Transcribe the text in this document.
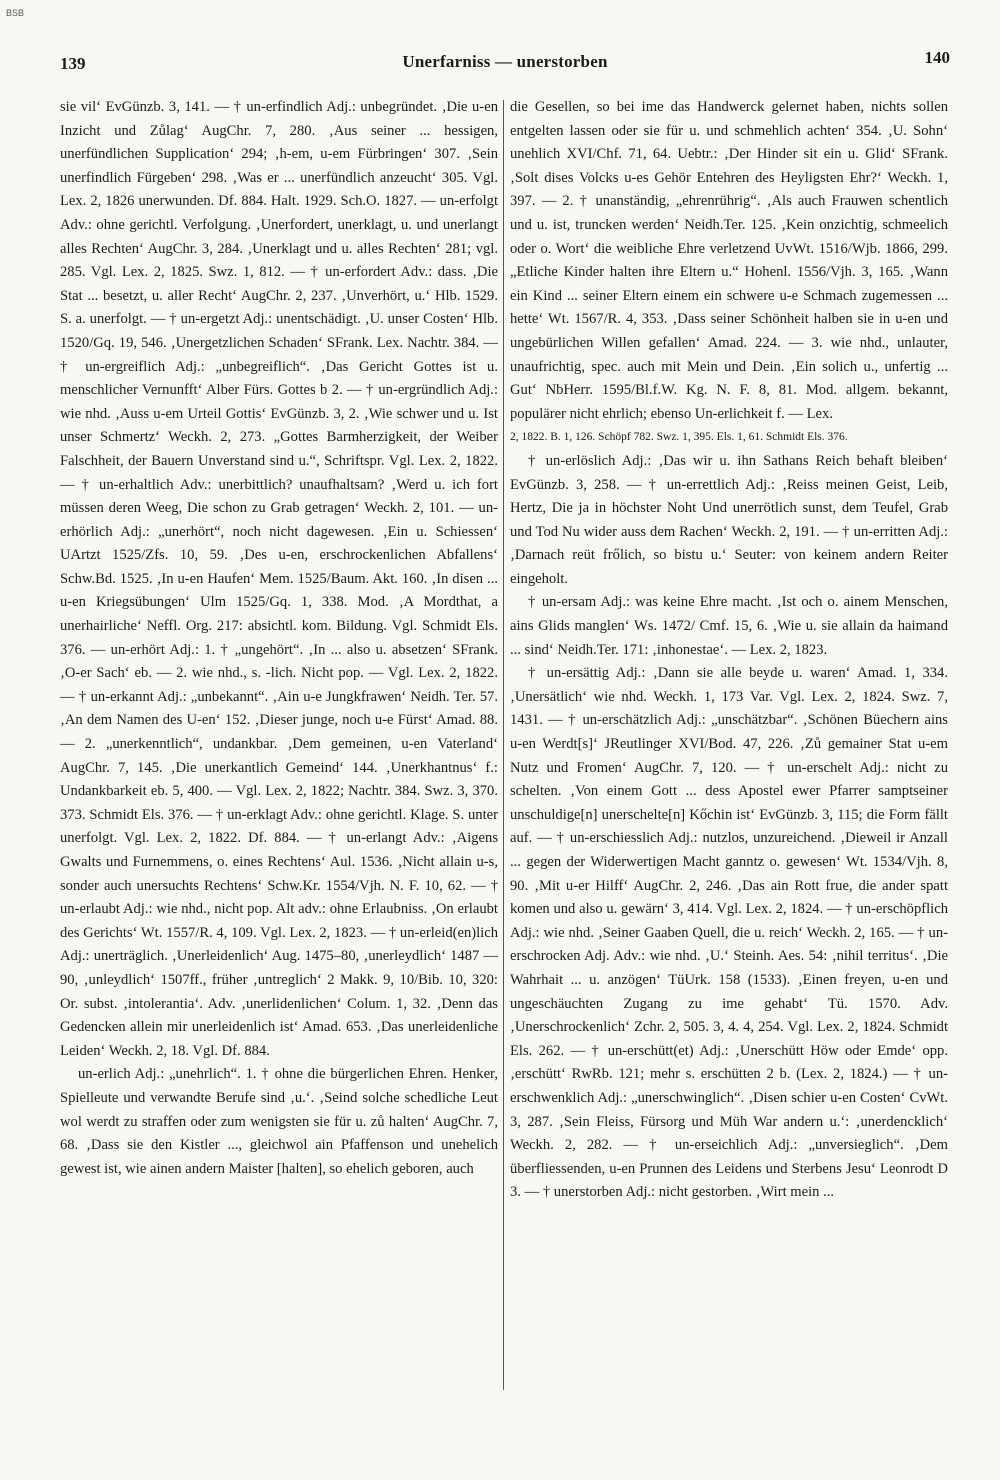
BSB
139	Unerfarniss — unerstorben	140

sie vil‘ EvGünzb. 3, 141. — † un-erfindlich Adj.: unbegründet. ‚Die u-en Inzicht und Zůlag‘ AugChr. 7, 280. ‚Aus seiner ... hessigen, unerfündlichen Supplication‘ 294; ‚h-em, u-em Fürbringen‘ 307. ‚Sein unerfindlich Fürgeben‘ 298. ‚Was er ... unerfündlich anzeucht‘ 305. Vgl. Lex. 2, 1826 unerwunden. Df. 884. Halt. 1929. Sch.O. 1827. — un-erfolgt Adv.: ohne gerichtl. Verfolgung. ‚Unerfordert, unerklagt, u. und unerlangt alles Rechten‘ AugChr. 3, 284. ‚Unerklagt und u. alles Rechten‘ 281; vgl. 285. Vgl. Lex. 2, 1825. Swz. 1, 812. — † un-erfordert Adv.: dass. ‚Die Stat ... besetzt, u. aller Recht‘ AugChr. 2, 237. ‚Unverhört, u.‘ Hlb. 1529. S. a. unerfolgt. — † un-ergetzt Adj.: unentschädigt. ‚U. unser Costen‘ Hlb. 1520/Gq. 19, 546. ‚Unergetzlichen Schaden‘ SFrank. Lex. Nachtr. 384. — † un-ergreiflich Adj.: „unbegreiflich“. ‚Das Gericht Gottes ist u. menschlicher Vernunfft‘ Alber Fürs. Gottes b 2. — † un-ergründlich Adj.: wie nhd. ‚Auss u-em Urteil Gottis‘ EvGünzb. 3, 2. ‚Wie schwer und u. Ist unser Schmertz‘ Weckh. 2, 273. „Gottes Barmherzigkeit, der Weiber Falschheit, der Bauern Unverstand sind u.“, Schriftspr. Vgl. Lex. 2, 1822. — † un-erhaltlich Adv.: unerbittlich? unaufhaltsam? ‚Werd u. ich fort müssen deren Weeg, Die schon zu Grab getragen‘ Weckh. 2, 101. — un-erhörlich Adj.: „unerhört“, noch nicht dagewesen. ‚Ein u. Schiessen‘ UArtzt 1525/Zfs. 10, 59. ‚Des u-en, erschrockenlichen Abfallens‘ Schw.Bd. 1525. ‚In u-en Haufen‘ Mem. 1525/Baum. Akt. 160. ‚In disen ... u-en Kriegsübungen‘ Ulm 1525/Gq. 1, 338. Mod. ‚A Mordthat, a unerhairliche‘ Neffl. Org. 217: absichtl. kom. Bildung. Vgl. Schmidt Els. 376. — un-erhört Adj.: 1. † „ungehört“. ‚In ... also u. absetzen‘ SFrank. ‚O-er Sach‘ eb. — 2. wie nhd., s. -lich. Nicht pop. — Vgl. Lex. 2, 1822. — † un-erkannt Adj.: „unbekannt“. ‚Ain u-e Jungkfrawen‘ Neidh. Ter. 57. ‚An dem Namen des U-en‘ 152. ‚Dieser junge, noch u-e Fürst‘ Amad. 88. — 2. „unerkenntlich“, undankbar. ‚Dem gemeinen, u-en Vaterland‘ AugChr. 7, 145. ‚Die unerkantlich Gemeind‘ 144. ‚Unerkhantnus‘ f.: Undankbarkeit eb. 5, 400. — Vgl. Lex. 2, 1822; Nachtr. 384. Swz. 3, 370. 373. Schmidt Els. 376. — † un-erklagt Adv.: ohne gerichtl. Klage. S. unter unerfolgt. Vgl. Lex. 2, 1822. Df. 884. — † un-erlangt Adv.: ‚Aigens Gwalts und Furnemmens, o. eines Rechtens‘ Aul. 1536. ‚Nicht allain u-s, sonder auch unersuchts Rechtens‘ Schw.Kr. 1554/Vjh. N. F. 10, 62. — † un-erlaubt Adj.: wie nhd., nicht pop. Alt adv.: ohne Erlaubniss. ‚On erlaubt des Gerichts‘ Wt. 1557/R. 4, 109. Vgl. Lex. 2, 1823. — † un-erleid(en)lich Adj.: unerträglich. ‚Unerleidenlich‘ Aug. 1475–80, ‚unerleydlich‘ 1487 —90, ‚unleydlich‘ 1507ff., früher ‚untreglich‘ 2 Makk. 9, 10/Bib. 10, 320: Or. subst. ‚intolerantia‘. Adv. ‚unerlidenlichen‘ Colum. 1, 32. ‚Denn das Gedencken allein mir unerleidenlich ist‘ Amad. 653. ‚Das unerleidenliche Leiden‘ Weckh. 2, 18. Vgl. Df. 884.

un-erlich Adj.: „unehrlich“. 1. † ohne die bürgerlichen Ehren. Henker, Spielleute und verwandte Berufe sind ‚u.‘. ‚Seind solche schedliche Leut wol werdt zu straffen oder zum wenigsten sie für u. zů halten‘ AugChr. 7, 68. ‚Dass sie den Kistler ..., gleichwol ain Pfaffenson und unehelich gewest ist, wie ainen andern Maister [halten], so ehelich geboren, auch

die Gesellen, so bei ime das Handwerck gelernet haben, nichts sollen entgelten lassen oder sie für u. und schmehlich achten‘ 354. ‚U. Sohn‘ unehlich XVI/Chf. 71, 64. Uebtr.: ‚Der Hinder sit ein u. Glid‘ SFrank. ‚Solt dises Volcks u-es Gehör Entehren des Heyligsten Ehr?‘ Weckh. 1, 397. — 2. † unanständig, „ehrenrührig“. ‚Als auch Frauwen schentlich und u. ist, truncken werden‘ Neidh.Ter. 125. ‚Kein onzichtig, schmeelich oder o. Wort‘ die weibliche Ehre verletzend UvWt. 1516/Wjb. 1866, 299. „Etliche Kinder halten ihre Eltern u.“ Hohenl. 1556/Vjh. 3, 165. ‚Wann ein Kind ... seiner Eltern einem ein schwere u-e Schmach zugemessen ... hette‘ Wt. 1567/R. 4, 353. ‚Dass seiner Schönheit halben sie in u-en und ungebürlichen Willen gefallen‘ Amad. 224. — 3. wie nhd., unlauter, unaufrichtig, spec. auch mit Mein und Dein. ‚Ein solich u., unfertig ... Gut‘ NbHerr. 1595/Bl.f.W. Kg. N. F. 8, 81. Mod. allgem. bekannt, populärer nicht ehrlich; ebenso Un-erlichkeit f. — Lex.

2, 1822. B. 1, 126. Schöpf 782. Swz. 1, 395. Els. 1, 61. Schmidt Els. 376.

† un-erlöslich Adj.: ‚Das wir u. ihn Sathans Reich behaft bleiben‘ EvGünzb. 3, 258. — † un-errettlich Adj.: ‚Reiss meinen Geist, Leib, Hertz, Die ja in höchster Noht Und unerrötlich sunst, dem Teufel, Grab und Tod Nu wider auss dem Rachen‘ Weckh. 2, 191. — † un-erritten Adj.: ‚Darnach reüt frőlich, so bistu u.‘ Seuter: von keinem andern Reiter eingeholt.

† un-ersam Adj.: was keine Ehre macht. ‚Ist och o. ainem Menschen, ains Glids manglen‘ Ws. 1472/ Cmf. 15, 6. ‚Wie u. sie allain da haimand ... sind‘ Neidh.Ter. 171: ‚inhonestae‘. — Lex. 2, 1823.

† un-ersättig Adj.: ‚Dann sie alle beyde u. waren‘ Amad. 1, 334. ‚Unersätlich‘ wie nhd. Weckh. 1, 173 Var. Vgl. Lex. 2, 1824. Swz. 7, 1431. — † un-erschätzlich Adj.: „unschätzbar“. ‚Schönen Büechern ains u-en Werdt[s]‘ JReutlinger XVI/Bod. 47, 226. ‚Zů gemainer Stat u-em Nutz und Fromen‘ AugChr. 7, 120. — † un-erschelt Adj.: nicht zu schelten. ‚Von einem Gott ... dess Apostel ewer Pfarrer samptseiner unschuldige[n] unerschelte[n] Kőchin ist‘ EvGünzb. 3, 115; die Form fällt auf. — † un-erschiesslich Adj.: nutzlos, unzureichend. ‚Dieweil ir Anzall ... gegen der Widerwertigen Macht ganntz o. gewesen‘ Wt. 1534/Vjh. 8, 90. ‚Mit u-er Hilff‘ AugChr. 2, 246. ‚Das ain Rott frue, die ander spatt komen und also u. gewärn‘ 3, 414. Vgl. Lex. 2, 1824. — † un-erschöpflich Adj.: wie nhd. ‚Seiner Gaaben Quell, die u. reich‘ Weckh. 2, 165. — † un-erschrocken Adj. Adv.: wie nhd. ‚U.‘ Steinh. Aes. 54: ‚nihil territus‘. ‚Die Wahrhait ... u. anzögen‘ TüUrk. 158 (1533). ‚Einen freyen, u-en und ungeschäuchten Zugang zu ime gehabt‘ Tü. 1570. Adv. ‚Unerschrockenlich‘ Zchr. 2, 505. 3, 4. 4, 254. Vgl. Lex. 2, 1824. Schmidt Els. 262. — † un-erschütt(et) Adj.: ‚Unerschütt Höw oder Emde‘ opp. ‚erschütt‘ RwRb. 121; mehr s. erschütten 2 b. (Lex. 2, 1824.) — † un-erschwenklich Adj.: „unerschwinglich“. ‚Disen schier u-en Costen‘ CvWt. 3, 287. ‚Sein Fleiss, Fürsorg und Müh War andern u.‘: ‚unerdencklich‘ Weckh. 2, 282. — † un-erseichlich Adj.: „unversieglich“. ‚Dem überfliessenden, u-en Prunnen des Leidens und Sterbens Jesu‘ Leonrodt D 3. — † unerstorben Adj.: nicht gestorben. ‚Wirt mein ...
